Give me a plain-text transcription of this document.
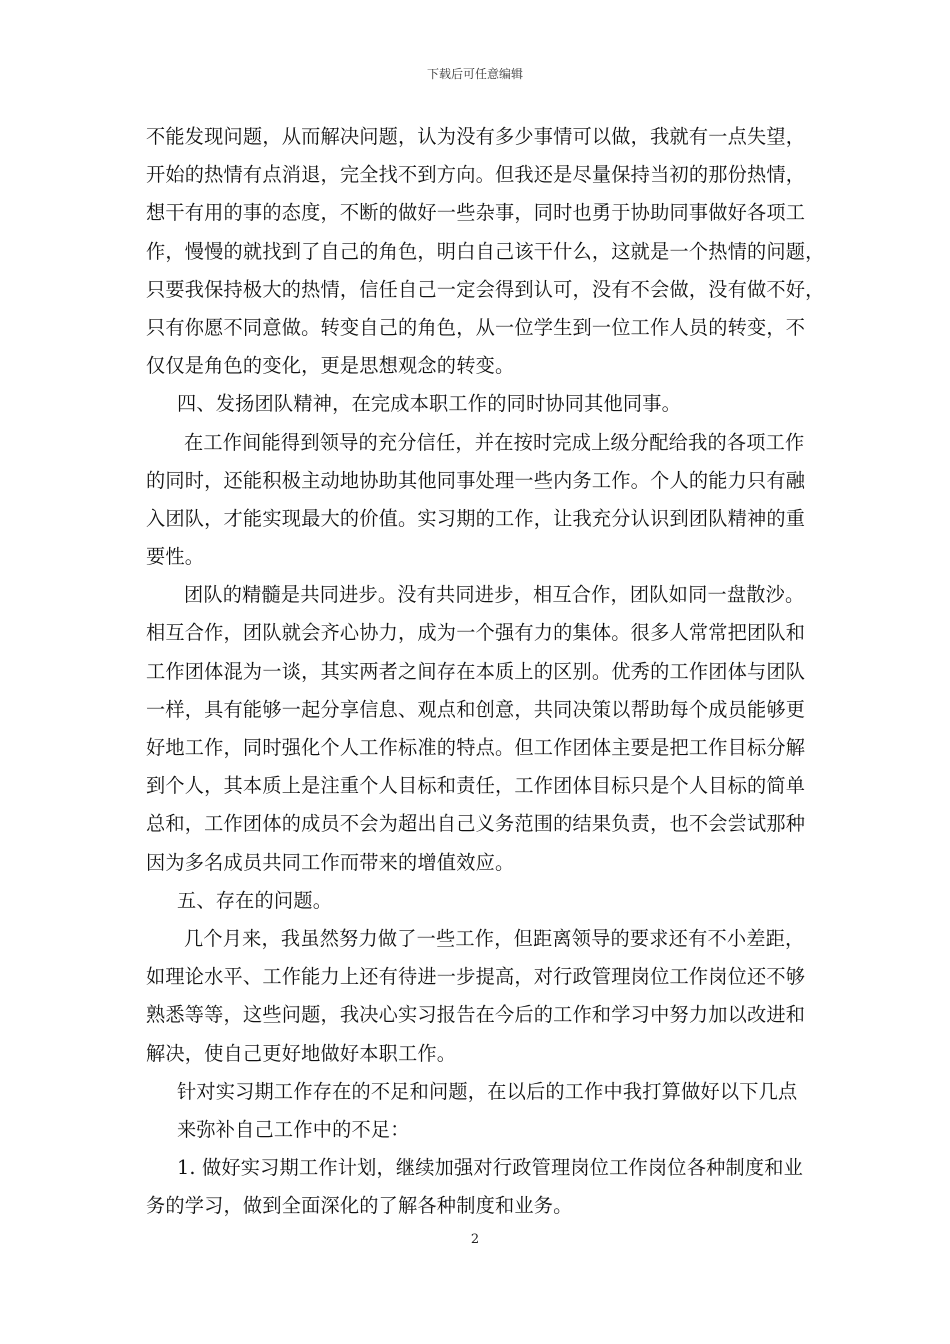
下载后可任意编辑
不能发现问题，从而解决问题，认为没有多少事情可以做，我就有一点失望，
开始的热情有点消退，完全找不到方向。但我还是尽量保持当初的那份热情，
想干有用的事的态度，不断的做好一些杂事，同时也勇于协助同事做好各项工
作，慢慢的就找到了自己的角色，明白自己该干什么，这就是一个热情的问题，
只要我保持极大的热情，信任自己一定会得到认可，没有不会做，没有做不好，
只有你愿不同意做。转变自己的角色，从一位学生到一位工作人员的转变，不
仅仅是角色的变化，更是思想观念的转变。
四、发扬团队精神，在完成本职工作的同时协同其他同事。
在工作间能得到领导的充分信任，并在按时完成上级分配给我的各项工作
的同时，还能积极主动地协助其他同事处理一些内务工作。个人的能力只有融
入团队，才能实现最大的价值。实习期的工作，让我充分认识到团队精神的重
要性。
团队的精髓是共同进步。没有共同进步，相互合作，团队如同一盘散沙。
相互合作，团队就会齐心协力，成为一个强有力的集体。很多人常常把团队和
工作团体混为一谈，其实两者之间存在本质上的区别。优秀的工作团体与团队
一样，具有能够一起分享信息、观点和创意，共同决策以帮助每个成员能够更
好地工作，同时强化个人工作标准的特点。但工作团体主要是把工作目标分解
到个人，其本质上是注重个人目标和责任，工作团体目标只是个人目标的简单
总和，工作团体的成员不会为超出自己义务范围的结果负责，也不会尝试那种
因为多名成员共同工作而带来的增值效应。
五、存在的问题。
几个月来，我虽然努力做了一些工作，但距离领导的要求还有不小差距，
如理论水平、工作能力上还有待进一步提高，对行政管理岗位工作岗位还不够
熟悉等等，这些问题，我决心实习报告在今后的工作和学习中努力加以改进和
解决，使自己更好地做好本职工作。
针对实习期工作存在的不足和问题，在以后的工作中我打算做好以下几点
来弥补自己工作中的不足：
1. 做好实习期工作计划，继续加强对行政管理岗位工作岗位各种制度和业
务的学习，做到全面深化的了解各种制度和业务。
2
